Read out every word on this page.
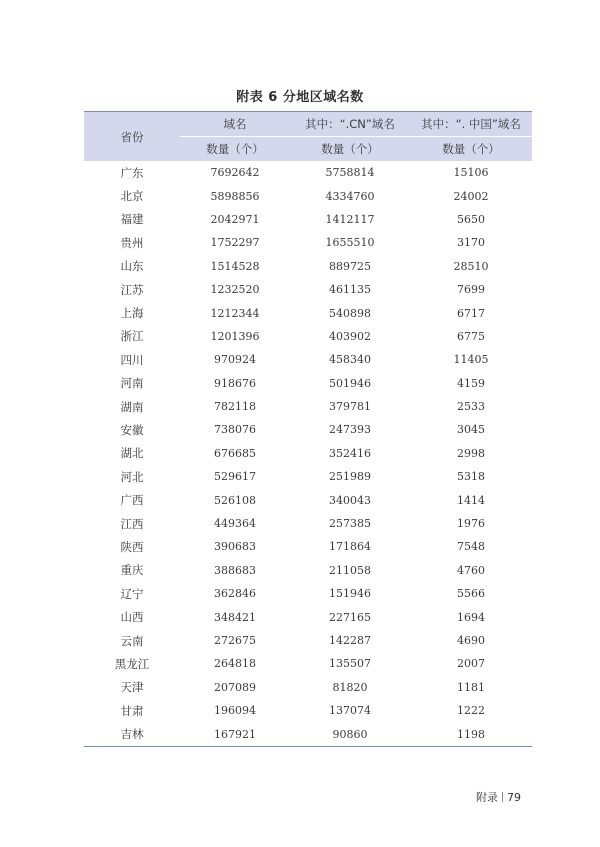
附表 6 分地区域名数
省份	域名	其中：“.CN”域名	其中：“. 中国”域名
	数量（个）	数量（个）	数量（个）
广东	7692642	5758814	15106
北京	5898856	4334760	24002
福建	2042971	1412117	5650
贵州	1752297	1655510	3170
山东	1514528	889725	28510
江苏	1232520	461135	7699
上海	1212344	540898	6717
浙江	1201396	403902	6775
四川	970924	458340	11405
河南	918676	501946	4159
湖南	782118	379781	2533
安徽	738076	247393	3045
湖北	676685	352416	2998
河北	529617	251989	5318
广西	526108	340043	1414
江西	449364	257385	1976
陕西	390683	171864	7548
重庆	388683	211058	4760
辽宁	362846	151946	5566
山西	348421	227165	1694
云南	272675	142287	4690
黑龙江	264818	135507	2007
天津	207089	81820	1181
甘肃	196094	137074	1222
吉林	167921	90860	1198
附录 79
